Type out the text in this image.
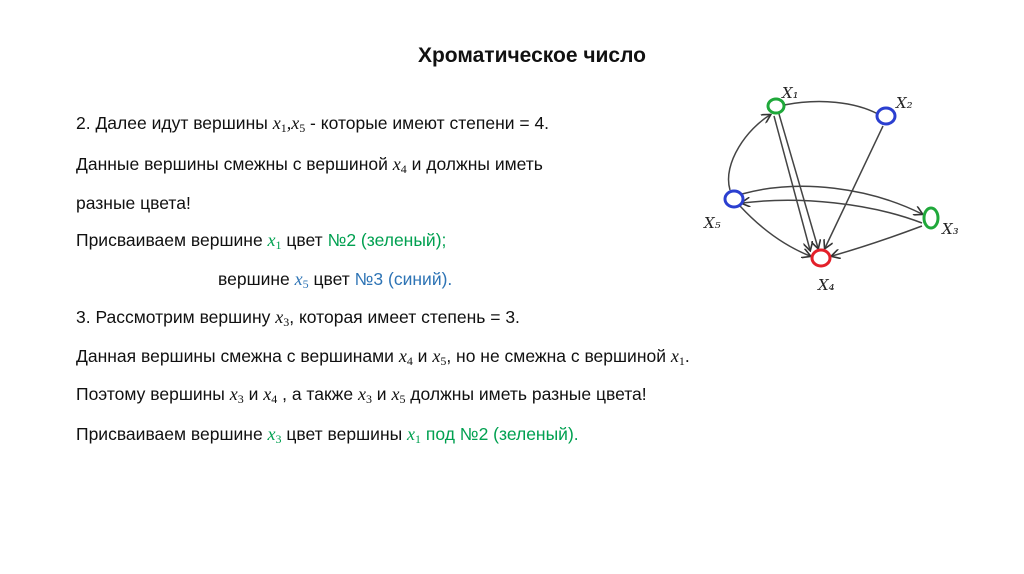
Хроматическое число
2. Далее идут вершины $x_1,x_5$ - которые имеют степени = 4.
Данные вершины смежны с вершиной $x_4$ и должны иметь
разные цвета!
Присваиваем вершине $x_1$ цвет №2 (зеленый);
вершине $x_5$ цвет №3 (синий).
3. Рассмотрим вершину $x_3$, которая имеет степень = 3.
Данная вершины смежна с вершинами $x_4$ и $x_5$, но не смежна с вершиной $x_1$.
Поэтому вершины $x_3$ и $x_4$ , а также $x_3$ и $x_5$ должны иметь разные цвета!
Присваиваем вершине $x_3$ цвет вершины $x_1$ под №2 (зеленый).
X₁
X₂
X₃
X₄
X₅
